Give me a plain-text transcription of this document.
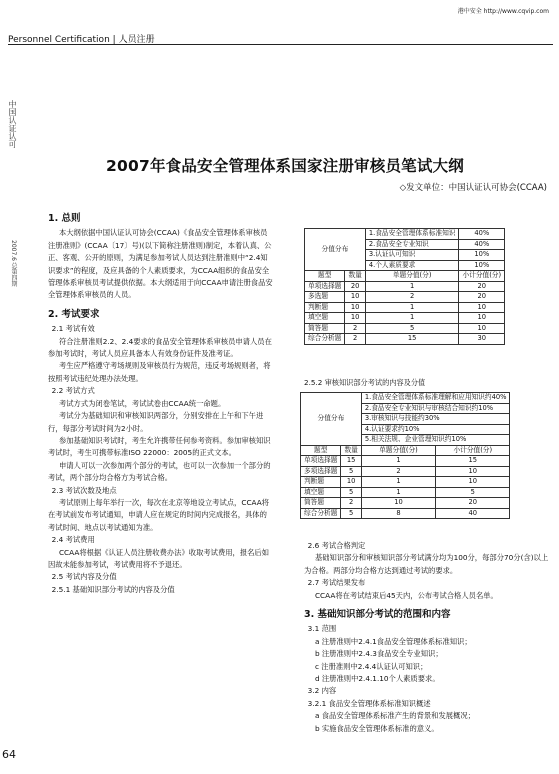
港中安全 http://www.cqvip.com
Personnel Certification | 人员注册
中国认证认可
2007.6 总第四期
2007年食品安全管理体系国家注册审核员笔试大纲
◇发文单位：中国认证认可协会(CCAA)

1. 总则

本大纲依据中国认证认可协会(CCAA)《食品安全管理体系审核员注册准则》(CCAA〔17〕号)(以下简称注册准则)制定，本着认真、公正、客观、公开的原则，为满足参加考试人员达到注册准则中“2.4知识要求”的程度，及应具备的个人素质要求，为CCAA组织的食品安全管理体系审核员考试提供依据。本大纲适用于向CCAA申请注册食品安全管理体系审核员的人员。

2. 考试要求

2.1 考试有效

符合注册准则2.2、2.4要求的食品安全管理体系审核员申请人员在参加考试时，考试人员应具备本人有效身份证件及准考证。

考生应严格遵守考场规则及审核员行为规范，违反考场规则者，将按照考试违纪处理办法处理。

2.2 考试方式

考试方式为闭卷笔试，考试试卷由CCAA统一命题。

考试分为基础知识和审核知识两部分，分别安排在上午和下午进行，每部分考试时间为2小时。

参加基础知识考试时，考生允许携带任何参考资料。参加审核知识考试时，考生可携带标准ISO 22000：2005的正式文本。

申请人可以一次参加两个部分的考试，也可以一次参加一个部分的考试，两个部分均合格方为考试合格。

2.3 考试次数及地点

考试原则上每年举行一次，每次在北京等地设立考试点，CCAA将在考试前发布考试通知，申请人应在规定的时间内完成报名，具体的考试时间、地点以考试通知为准。

2.4 考试费用

CCAA将根据《认证人员注册收费办法》收取考试费用，报名后如因故未能参加考试，考试费用将不予退还。

2.5 考试内容及分值

2.5.1 基础知识部分考试的内容及分值

分值分布		1.食品安全管理体系标准知识	40%
		2.食品安全专业知识	40%
		3.认证认可知识	10%
		4.个人素质要求	10%
题型	数量	单题分值(分)	小计分值(分)
单项选择题	20	1	20
多选题	10	2	20
判断题	10	1	10
填空题	10	1	10
简答题	2	5	10
综合分析题	2	15	30
2.5.2 审核知识部分考试的内容及分值
分值分布		1.食品安全管理体系标准理解和应用知识约40%	
		2.食品安全专业知识与审核结合知识约10%	
		3.审核知识与技能约30%	
		4.认证要求约10%	
		5.相关法规、企业管理知识约10%	
题型	数量	单题分值(分)	小计分值(分)
单项选择题	15	1	15
多项选择题	5	2	10
判断题	10	1	10
填空题	5	1	5
简答题	2	10	20
综合分析题	5	8	40

2.6 考试合格判定

基础知识部分和审核知识部分考试满分均为100分，每部分70分(含)以上为合格。两部分均合格方达到通过考试的要求。

2.7 考试结果发布

CCAA将在考试结束后45天内，公布考试合格人员名单。

3. 基础知识部分考试的范围和内容

3.1 范围

a 注册准则中2.4.1食品安全管理体系标准知识；

b 注册准则中2.4.3食品安全专业知识；

c 注册准则中2.4.4认证认可知识；

d 注册准则中2.4.1.10个人素质要求。

3.2 内容

3.2.1 食品安全管理体系标准知识概述

a 食品安全管理体系标准产生的背景和发展概况；

b 实施食品安全管理体系标准的意义。

64
